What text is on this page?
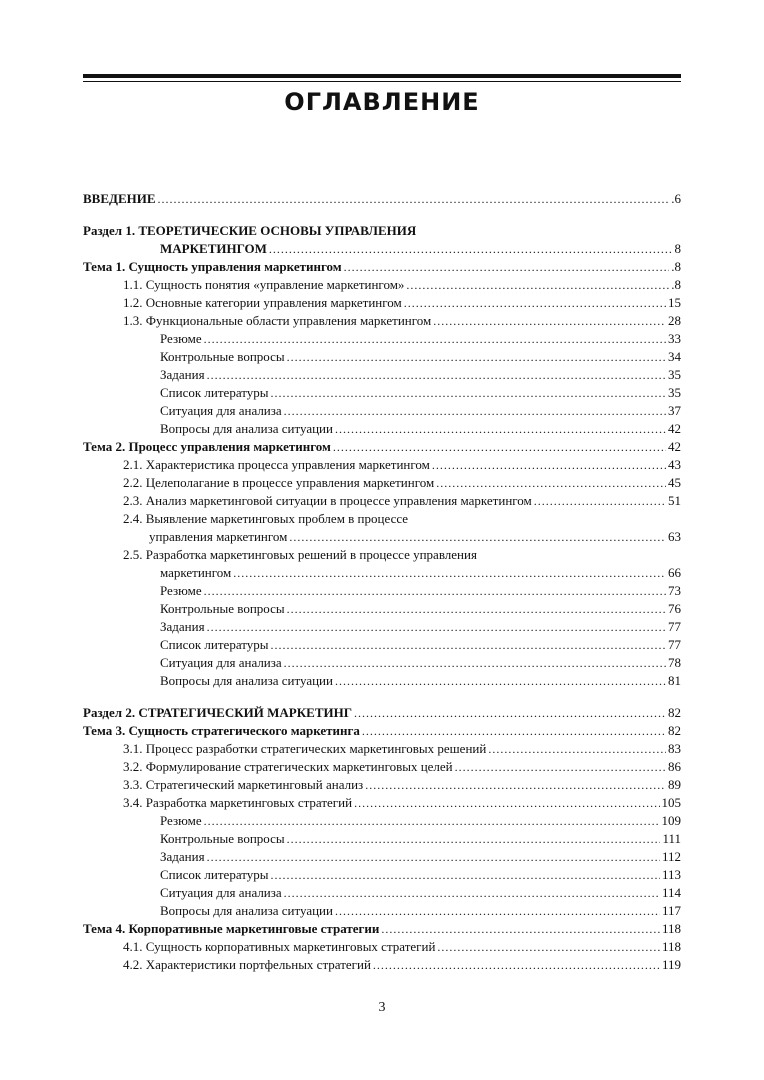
ОГЛАВЛЕНИЕ
ВВЕДЕНИЕ .....	.6
Раздел 1. ТЕОРЕТИЧЕСКИЕ ОСНОВЫ УПРАВЛЕНИЯ
МАРКЕТИНГОМ .....	8
Тема 1. Сущность управления маркетингом .....	.8
1.1. Сущность понятия «управление маркетингом» .....	.8
1.2. Основные категории управления маркетингом .....	15
1.3. Функциональные области управления маркетингом .....	28
Резюме .....	33
Контрольные вопросы .....	34
Задания .....	35
Список литературы .....	35
Ситуация для анализа .....	37
Вопросы для анализа ситуации .....	42
Тема 2. Процесс управления маркетингом .....	42
2.1. Характеристика процесса управления маркетингом .....	43
2.2. Целеполагание в процессе управления маркетингом .....	45
2.3. Анализ маркетинговой ситуации в процессе управления маркетингом .....	51
2.4. Выявление маркетинговых проблем в процессе
управления маркетингом .....	63
2.5. Разработка маркетинговых решений в процессе управления
маркетингом .....	66
Резюме .....	73
Контрольные вопросы .....	76
Задания .....	77
Список литературы .....	77
Ситуация для анализа .....	78
Вопросы для анализа ситуации .....	81
Раздел 2. СТРАТЕГИЧЕСКИЙ МАРКЕТИНГ .....	82
Тема 3. Сущность стратегического маркетинга .....	82
3.1. Процесс разработки стратегических маркетинговых решений .....	83
3.2. Формулирование стратегических маркетинговых целей .....	86
3.3. Стратегический маркетинговый анализ .....	89
3.4. Разработка маркетинговых стратегий .....	105
Резюме .....	109
Контрольные вопросы .....	111
Задания .....	112
Список литературы .....	113
Ситуация для анализа .....	114
Вопросы для анализа ситуации .....	117
Тема 4. Корпоративные маркетинговые стратегии .....	118
4.1. Сущность корпоративных маркетинговых стратегий .....	118
4.2. Характеристики портфельных стратегий .....	119
3
